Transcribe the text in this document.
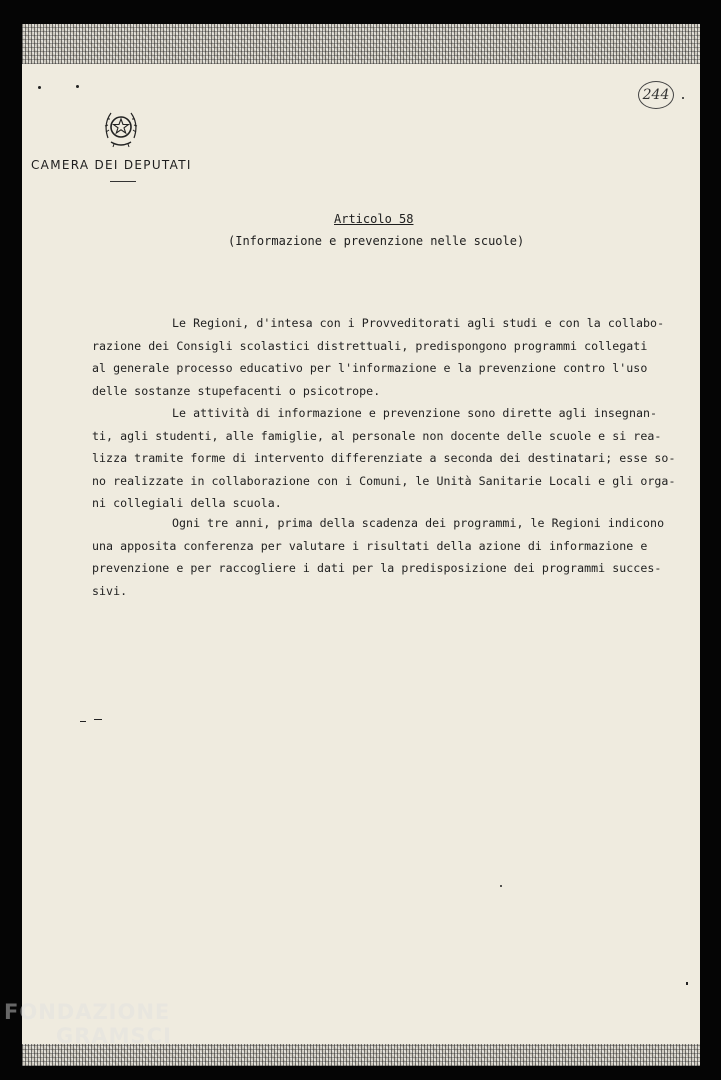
244
CAMERA DEI DEPUTATI
Articolo 58
(Informazione e prevenzione nelle scuole)
Le Regioni, d'intesa con i Provveditorati agli studi e con la collabo-
razione dei Consigli scolastici distrettuali, predispongono programmi collegati
al generale processo educativo per l'informazione e la prevenzione contro l'uso
delle sostanze stupefacenti o psicotrope.
Le attività di informazione e prevenzione sono dirette agli insegnan-
ti, agli studenti, alle famiglie, al personale non docente delle scuole e si rea-
lizza tramite forme di intervento differenziate a seconda dei destinatari; esse so-
no realizzate in collaborazione con i Comuni, le Unità Sanitarie Locali e gli orga-
ni collegiali della scuola.
Ogni tre anni, prima della scadenza dei programmi, le Regioni indicono
una apposita conferenza per valutare i risultati della azione di informazione e
prevenzione e per raccogliere i dati per la predisposizione dei programmi succes-
sivi.
FONDAZIONE
GRAMSCI
